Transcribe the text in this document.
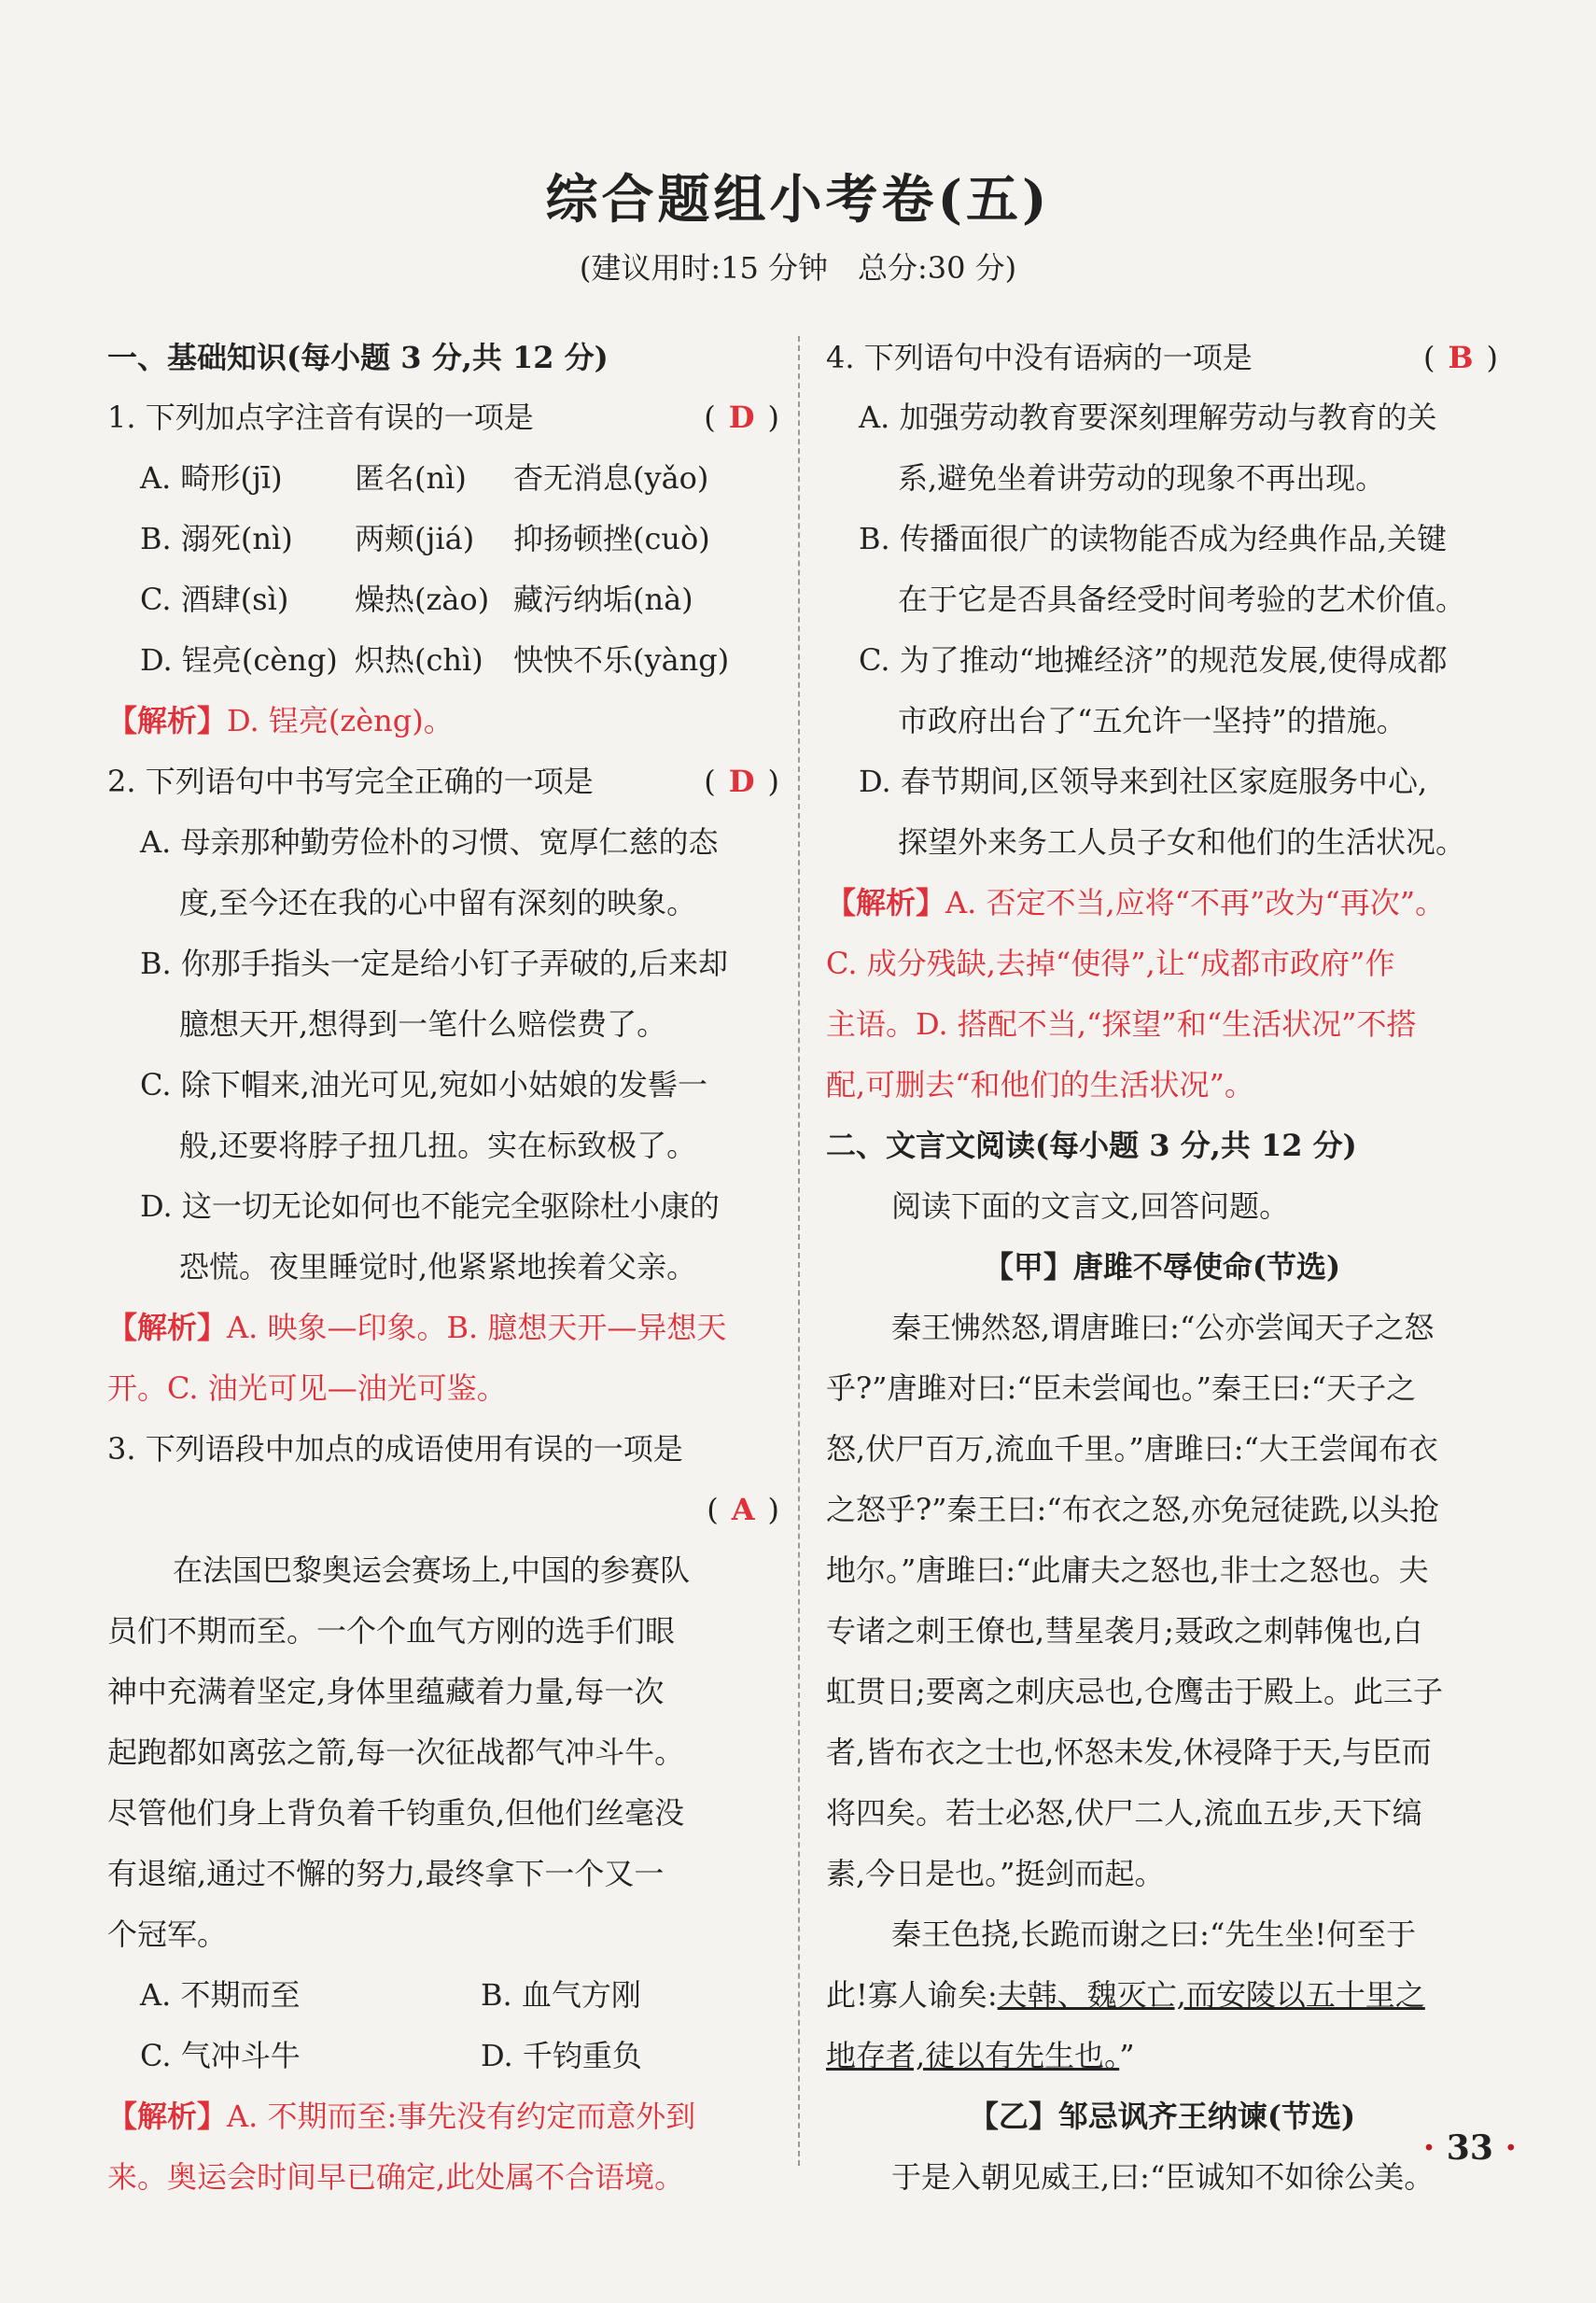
综合题组小考卷(五)
(建议用时:15 分钟　总分:30 分)
一、基础知识(每小题 3 分,共 12 分)
1. 下列加点字注音有误的一项是	( D )
A. 畸形(jī) 匿名(nì) 杳无消息(yǎo)
B. 溺死(nì) 两颊(jiá) 抑扬顿挫(cuò)
C. 酒肆(sì) 燥热(zào) 藏污纳垢(nà)
D. 锃亮(cèng) 炽热(chì) 怏怏不乐(yàng)
【解析】D. 锃亮(zèng)。
2. 下列语句中书写完全正确的一项是	( D )
A. 母亲那种勤劳俭朴的习惯、宽厚仁慈的态
度,至今还在我的心中留有深刻的映象。
B. 你那手指头一定是给小钉子弄破的,后来却
臆想天开,想得到一笔什么赔偿费了。
C. 除下帽来,油光可见,宛如小姑娘的发髻一
般,还要将脖子扭几扭。实在标致极了。
D. 这一切无论如何也不能完全驱除杜小康的
恐慌。夜里睡觉时,他紧紧地挨着父亲。
【解析】A. 映象—印象。B. 臆想天开—异想天
开。C. 油光可见—油光可鉴。
3. 下列语段中加点的成语使用有误的一项是
( A )
在法国巴黎奥运会赛场上,中国的参赛队
员们不期而至。一个个血气方刚的选手们眼
神中充满着坚定,身体里蕴藏着力量,每一次
起跑都如离弦之箭,每一次征战都气冲斗牛。
尽管他们身上背负着千钧重负,但他们丝毫没
有退缩,通过不懈的努力,最终拿下一个又一
个冠军。
A. 不期而至	B. 血气方刚
C. 气冲斗牛	D. 千钧重负
【解析】A. 不期而至:事先没有约定而意外到
来。奥运会时间早已确定,此处属不合语境。
4. 下列语句中没有语病的一项是	( B )
A. 加强劳动教育要深刻理解劳动与教育的关
系,避免坐着讲劳动的现象不再出现。
B. 传播面很广的读物能否成为经典作品,关键
在于它是否具备经受时间考验的艺术价值。
C. 为了推动“地摊经济”的规范发展,使得成都
市政府出台了“五允许一坚持”的措施。
D. 春节期间,区领导来到社区家庭服务中心,
探望外来务工人员子女和他们的生活状况。
【解析】A. 否定不当,应将“不再”改为“再次”。
C. 成分残缺,去掉“使得”,让“成都市政府”作
主语。D. 搭配不当,“探望”和“生活状况”不搭
配,可删去“和他们的生活状况”。
二、文言文阅读(每小题 3 分,共 12 分)
阅读下面的文言文,回答问题。
【甲】唐雎不辱使命(节选)
秦王怫然怒,谓唐雎曰:“公亦尝闻天子之怒
乎?”唐雎对曰:“臣未尝闻也。”秦王曰:“天子之
怒,伏尸百万,流血千里。”唐雎曰:“大王尝闻布衣
之怒乎?”秦王曰:“布衣之怒,亦免冠徒跣,以头抢
地尔。”唐雎曰:“此庸夫之怒也,非士之怒也。夫
专诸之刺王僚也,彗星袭月;聂政之刺韩傀也,白
虹贯日;要离之刺庆忌也,仓鹰击于殿上。此三子
者,皆布衣之士也,怀怒未发,休祲降于天,与臣而
将四矣。若士必怒,伏尸二人,流血五步,天下缟
素,今日是也。”挺剑而起。
秦王色挠,长跪而谢之曰:“先生坐!何至于
此!寡人谕矣:夫韩、魏灭亡,而安陵以五十里之
地存者,徒以有先生也。”
【乙】邹忌讽齐王纳谏(节选)
于是入朝见威王,曰:“臣诚知不如徐公美。
· 33 ·
